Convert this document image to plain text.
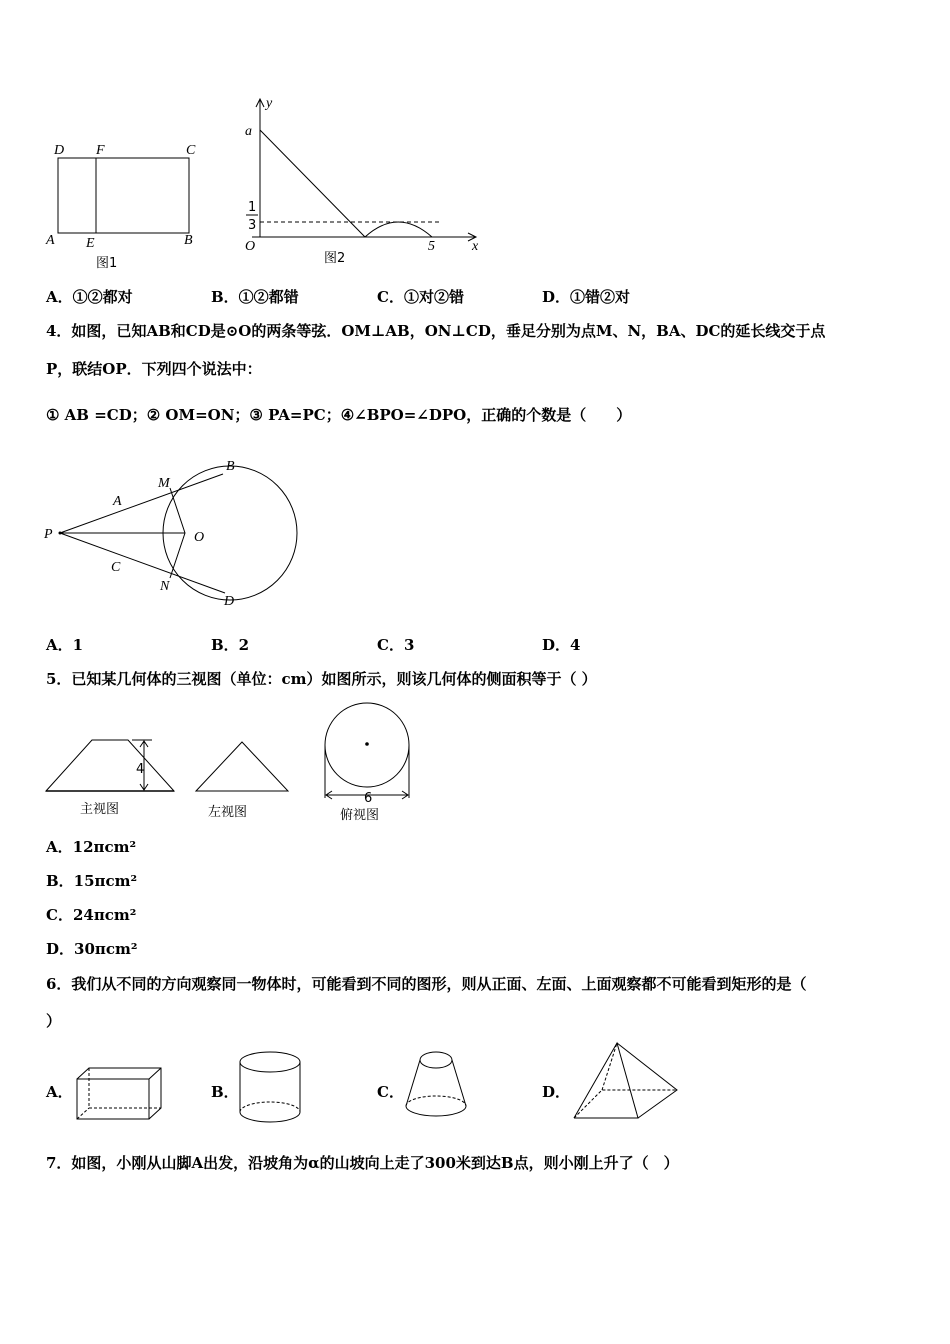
D F	C
A E	B
图1
y
a
1
3
O	5	x
图2
A．①②都对	B．①②都错	C．①对②错	D．①错②对
4．如图，已知AB和CD是⊙O的两条等弦．OM⊥AB，ON⊥CD，垂足分别为点M、N，BA、DC的延长线交于点
P，联结OP．下列四个说法中：
① AB =CD；② OM=ON；③ PA=PC；④∠BPO=∠DPO，正确的个数是（　　）
B
M
A
P	O
C
N
D
A．1	B．2	C．3	D．4
5．已知某几何体的三视图（单位：cm）如图所示，则该几何体的侧面积等于（ ）
4
主视图	左视图
6
俯视图
A．12πcm²
B．15πcm²
C．24πcm²
D．30πcm²
6．我们从不同的方向观察同一物体时，可能看到不同的图形，则从正面、左面、上面观察都不可能看到矩形的是（
）
A．	B．	C．	D．
7．如图，小刚从山脚A出发，沿坡角为α的山坡向上走了300米到达B点，则小刚上升了（　）
